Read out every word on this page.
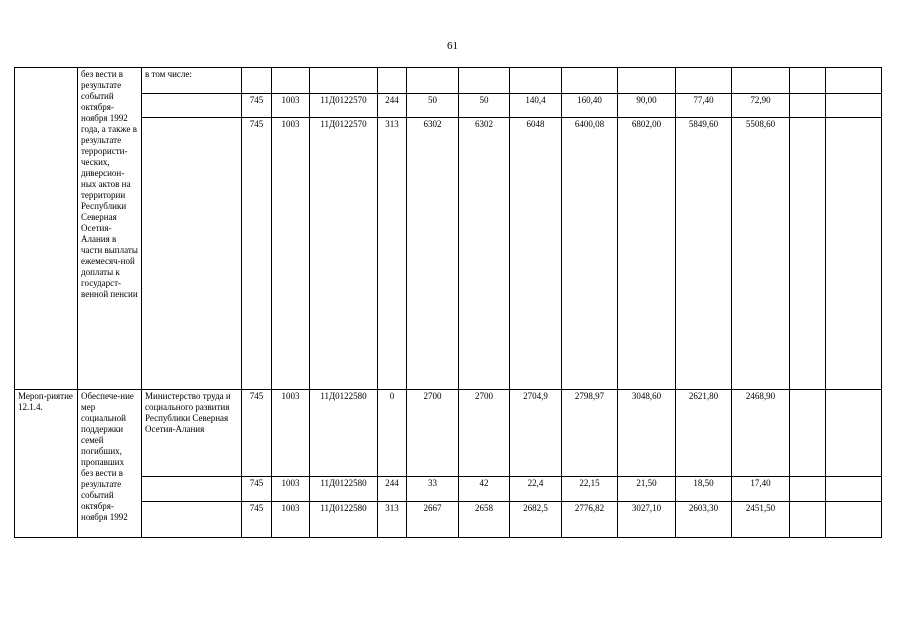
61
	без вести в результате событий октября-ноября 1992 года, а также в результате террористи-ческих, диверсион-ных актов на территории Республики Северная Осетия-Алания в части выплаты ежемесяч-ной доплаты к государст-венной пенсии	в том числе:													
			745	1003	11Д0122570	244	50	50	140,4	160,40	90,00	77,40	72,90		
			745	1003	11Д0122570	313	6302	6302	6048	6400,08	6802,00	5849,60	5508,60		
Мероп-риятие 12.1.4.	Обеспече-ние мер социальной поддержки семей погибших, пропавших без вести в результате событий октября-ноября 1992	Министерство труда и социального развития Республики Северная Осетия-Алания	745	1003	11Д0122580	0	2700	2700	2704,9	2798,97	3048,60	2621,80	2468,90		
			745	1003	11Д0122580	244	33	42	22,4	22,15	21,50	18,50	17,40		
			745	1003	11Д0122580	313	2667	2658	2682,5	2776,82	3027,10	2603,30	2451,50		
